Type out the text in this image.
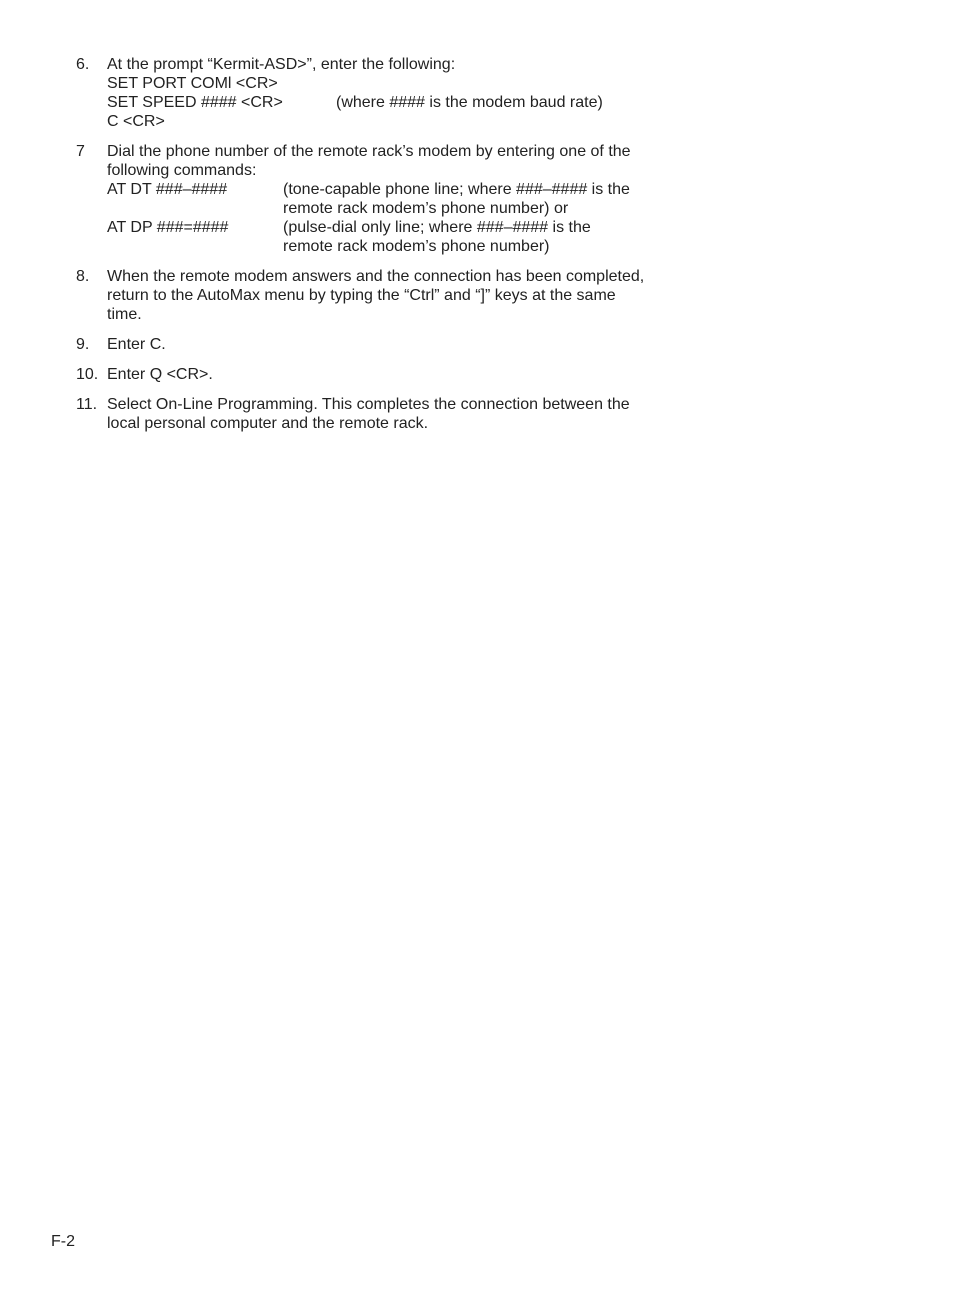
6. At the prompt “Kermit-ASD>”, enter the following:
SET PORT COMl <CR>
SET SPEED #### <CR>	(where #### is the modem baud rate)
C <CR>
7 Dial the phone number of the remote rack’s modem by entering one of the
following commands:
AT DT ###–####	(tone-capable phone line; where ###–#### is the
remote rack modem’s phone number) or
AT DP ###=####	(pulse-dial only line; where ###–#### is the
remote rack modem’s phone number)
8. When the remote modem answers and the connection has been completed,
return to the AutoMax menu by typing the “Ctrl” and “]” keys at the same
time.
9. Enter C.
10. Enter Q <CR>.
11. Select On-Line Programming. This completes the connection between the
local personal computer and the remote rack.
F-2
